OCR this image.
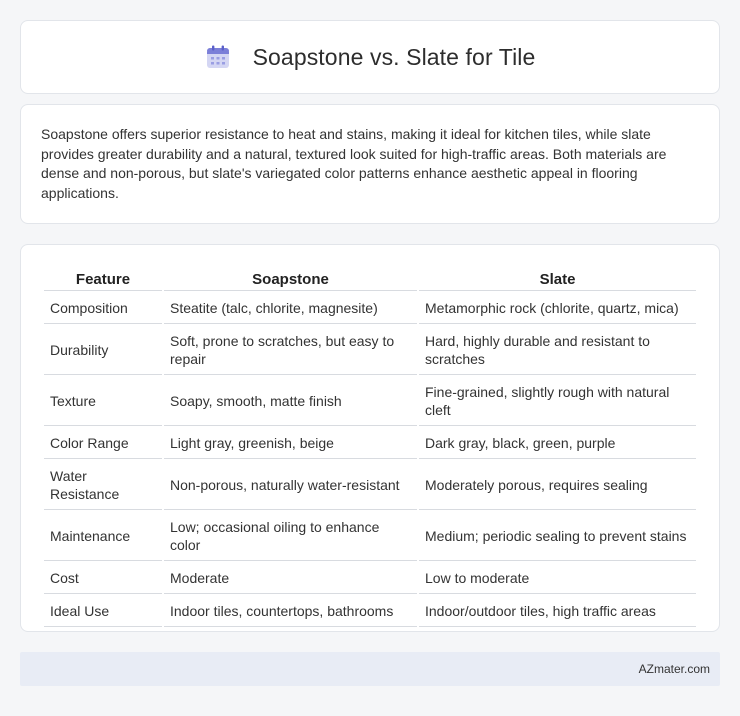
Soapstone vs. Slate for Tile

Soapstone offers superior resistance to heat and stains, making it ideal for kitchen tiles, while slate provides greater durability and a natural, textured look suited for high-traffic areas. Both materials are dense and non-porous, but slate's variegated color patterns enhance aesthetic appeal in flooring applications.

Feature	Soapstone	Slate
Composition	Steatite (talc, chlorite, magnesite)	Metamorphic rock (chlorite, quartz, mica)
Durability	Soft, prone to scratches, but easy to repair	Hard, highly durable and resistant to scratches
Texture	Soapy, smooth, matte finish	Fine-grained, slightly rough with natural cleft
Color Range	Light gray, greenish, beige	Dark gray, black, green, purple
Water Resistance	Non-porous, naturally water-resistant	Moderately porous, requires sealing
Maintenance	Low; occasional oiling to enhance color	Medium; periodic sealing to prevent stains
Cost	Moderate	Low to moderate
Ideal Use	Indoor tiles, countertops, bathrooms	Indoor/outdoor tiles, high traffic areas
AZmater.com
